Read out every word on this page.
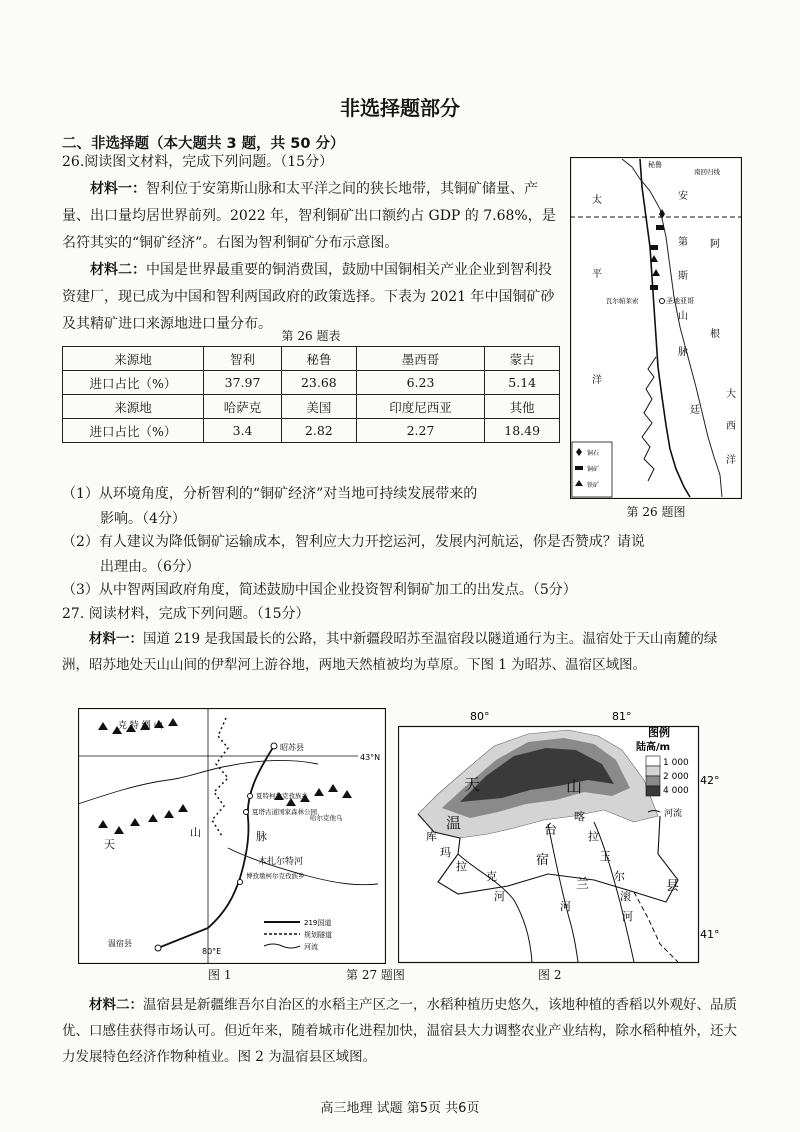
非选择题部分
二、非选择题（本大题共 3 题，共 50 分）
26.阅读图文材料，完成下列问题。（15分）

材料一：智利位于安第斯山脉和太平洋之间的狭长地带，其铜矿储量、产量、出口量均居世界前列。2022 年，智利铜矿出口额约占 GDP 的 7.68%，是名符其实的“铜矿经济”。右图为智利铜矿分布示意图。

材料二：中国是世界最重要的铜消费国，鼓励中国铜相关产业企业到智利投资建厂，现已成为中国和智利两国政府的政策选择。下表为 2021 年中国铜矿砂及其精矿进口来源地进口量分布。

第 26 题表
来源地	智利	秘鲁	墨西哥	蒙古
进口占比（%）	37.97	23.68	6.23	5.14
来源地	哈萨克	美国	印度尼西亚	其他
进口占比（%）	3.4	2.82	2.27	18.49
秘鲁
南回归线
太
平
洋
安
第
斯
山
脉
阿
根
廷
大
西
洋
瓦尔帕莱索	圣地亚哥
铜石
铜矿
铁矿
第 26 题图
（1）从环境角度，分析智利的“铜矿经济”对当地可持续发展带来的
影响。（4分）
（2）有人建议为降低铜矿运输成本，智利应大力开挖运河，发展内河航运，你是否赞成？请说
出理由。（6分）
（3）从中智两国政府角度，简述鼓励中国企业投资智利铜矿加工的出发点。（5分）
27. 阅读材料，完成下列问题。（15分）

材料一：国道 219 是我国最长的公路，其中新疆段昭苏至温宿段以隧道通行为主。温宿处于天山南麓的绿洲，昭苏地处天山山间的伊犁河上游谷地，两地天然植被均为草原。下图 1 为昭苏、温宿区域图。

43°N
80°E
昭苏县
夏特柯尔克孜族乡
夏塔古道国家森林公园
哈尔克他乌
博孜墩柯尔克孜族乡
木扎尔特河
克 特 缰 山
天
山	脉
温宿县
219国道
规划隧道
河流
图 1	第 27 题图	图 2
80°	81°
42°
41°
天	山
温
宿
台
兰	县
库
玛
拉
克
河
河
喀
拉
玉
尔
滚
河
图例
陆高/m
1 000
2 000
4 000
河流

材料二：温宿县是新疆维吾尔自治区的水稻主产区之一，水稻种植历史悠久，该地种植的香稻以外观好、品质优、口感佳获得市场认可。但近年来，随着城市化进程加快，温宿县大力调整农业产业结构，除水稻种植外，还大力发展特色经济作物种植业。图 2 为温宿县区域图。

高三地理 试题 第5页 共6页
